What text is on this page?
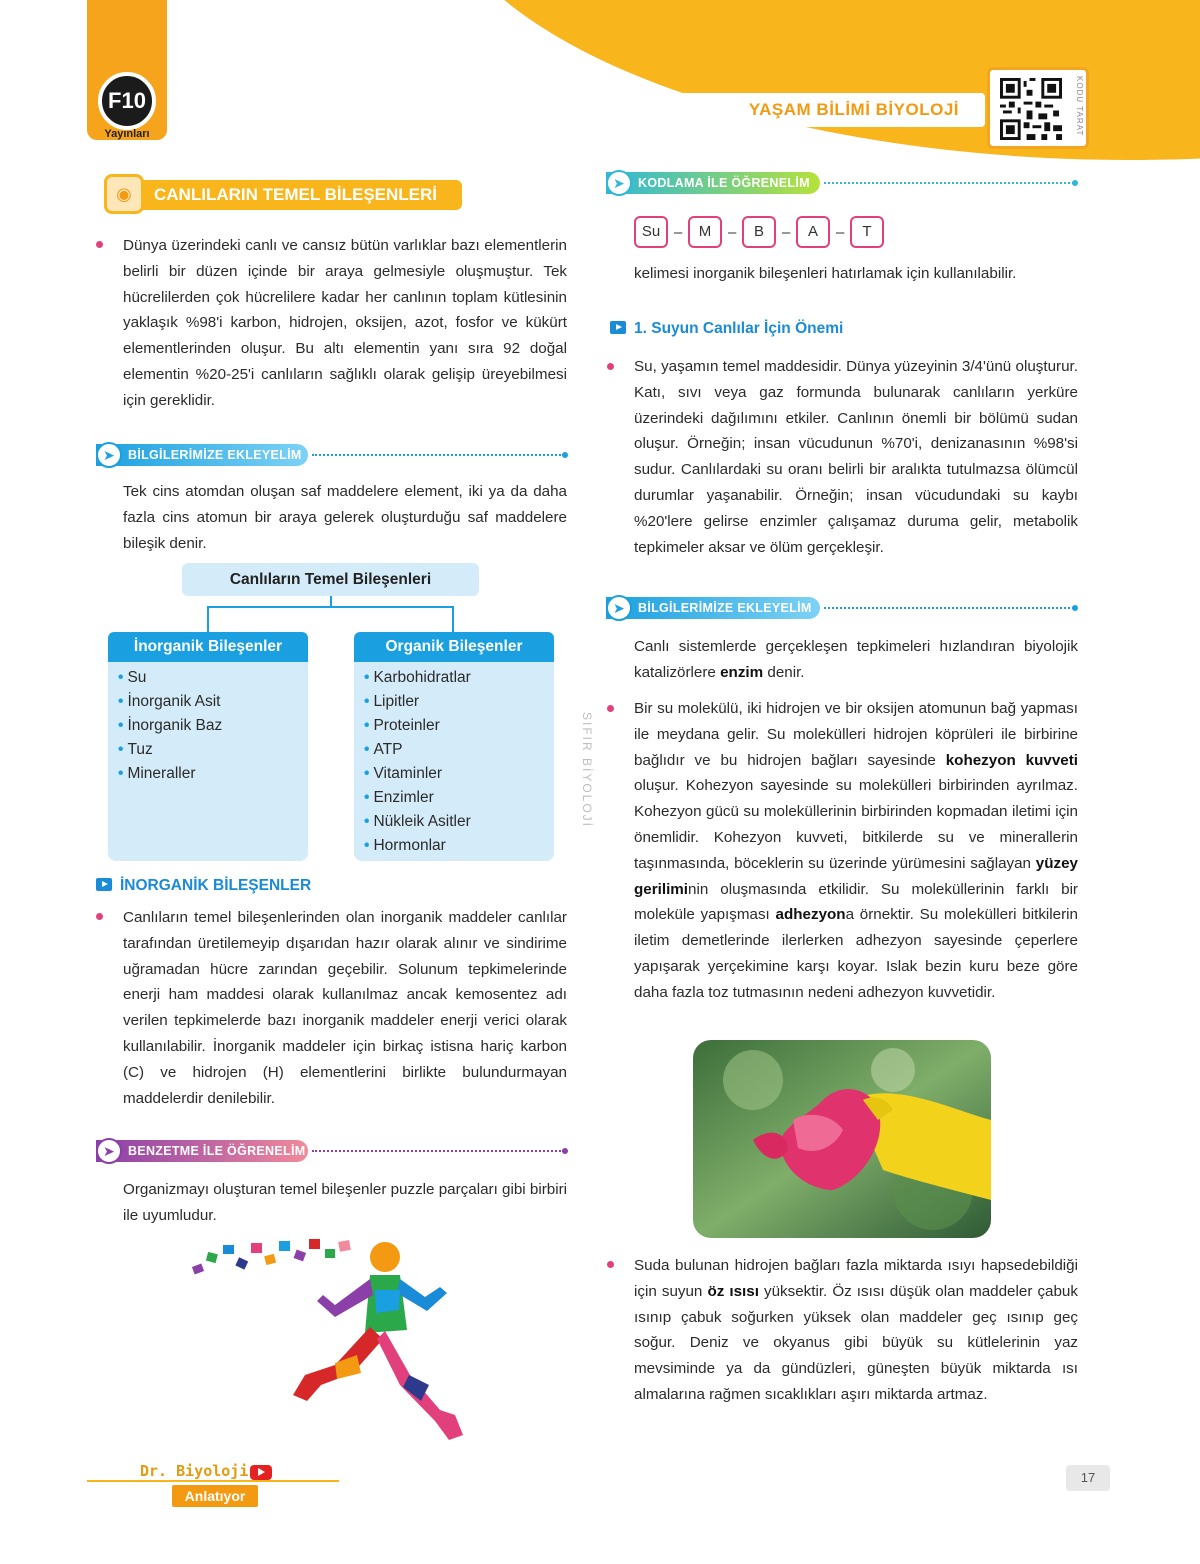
F10
Yayınları
YAŞAM BİLİMİ BİYOLOJİ	KODU TARAT
◉	CANLILARIN TEMEL BİLEŞENLERİ
Dünya üzerindeki canlı ve cansız bütün varlıklar bazı elementlerin belirli bir düzen içinde bir araya gelmesiyle oluşmuştur. Tek hücrelilerden çok hücrelilere kadar her canlının toplam kütlesinin yaklaşık %98'i karbon, hidrojen, oksijen, azot, fosfor ve kükürt elementlerinden oluşur. Bu altı elementin yanı sıra 92 doğal elementin %20-25'i canlıların sağlıklı olarak gelişip üreyebilmesi için gereklidir.
➤	BİLGİLERİMİZE EKLEYELİM
Tek cins atomdan oluşan saf maddelere element, iki ya da daha fazla cins atomun bir araya gelerek oluşturduğu saf maddelere bileşik denir.
Canlıların Temel Bileşenleri
İnorganik Bileşenler
• Su
• İnorganik Asit
• İnorganik Baz
• Tuz
• Mineraller
Organik Bileşenler
• Karbohidratlar
• Lipitler
• Proteinler
• ATP
• Vitaminler
• Enzimler
• Nükleik Asitler
• Hormonlar
İNORGANİK BİLEŞENLER
Canlıların temel bileşenlerinden olan inorganik maddeler canlılar tarafından üretilemeyip dışarıdan hazır olarak alınır ve sindirime uğramadan hücre zarından geçebilir. Solunum tepkimelerinde enerji ham maddesi olarak kullanılmaz ancak kemosentez adı verilen tepkimelerde bazı inorganik maddeler enerji verici olarak kullanılabilir. İnorganik maddeler için birkaç istisna hariç karbon (C) ve hidrojen (H) elementlerini birlikte bulundurmayan maddelerdir denilebilir.
➤	BENZETME İLE ÖĞRENELİM
Organizmayı oluşturan temel bileşenler puzzle parçaları gibi birbiri ile uyumludur.
SIFIR BİYOLOJİ
➤	KODLAMA İLE ÖĞRENELİM
Su –	M	–	B	–	A	–	T
kelimesi inorganik bileşenleri hatırlamak için kullanılabilir.
1. Suyun Canlılar İçin Önemi
Su, yaşamın temel maddesidir. Dünya yüzeyinin 3/4'ünü oluşturur. Katı, sıvı veya gaz formunda bulunarak canlıların yerküre üzerindeki dağılımını etkiler. Canlının önemli bir bölümü sudan oluşur. Örneğin; insan vücudunun %70'i, denizanasının %98'si sudur. Canlılardaki su oranı belirli bir aralıkta tutulmazsa ölümcül durumlar yaşanabilir. Örneğin; insan vücudundaki su kaybı %20'lere gelirse enzimler çalışamaz duruma gelir, metabolik tepkimeler aksar ve ölüm gerçekleşir.
➤	BİLGİLERİMİZE EKLEYELİM
Canlı sistemlerde gerçekleşen tepkimeleri hızlandıran biyolojik katalizörlere enzim denir.
Bir su molekülü, iki hidrojen ve bir oksijen atomunun bağ yapması ile meydana gelir. Su molekülleri hidrojen köprüleri ile birbirine bağlıdır ve bu hidrojen bağları sayesinde kohezyon kuvveti oluşur. Kohezyon sayesinde su molekülleri birbirinden ayrılmaz. Kohezyon gücü su moleküllerinin birbirinden kopmadan iletimi için önemlidir. Kohezyon kuvveti, bitkilerde su ve minerallerin taşınmasında, böceklerin su üzerinde yürümesini sağlayan yüzey geriliminin oluşmasında etkilidir. Su moleküllerinin farklı bir moleküle yapışması adhezyona örnektir. Su molekülleri bitkilerin iletim demetlerinde ilerlerken adhezyon sayesinde çeperlere yapışarak yerçekimine karşı koyar. Islak bezin kuru beze göre daha fazla toz tutmasının nedeni adhezyon kuvvetidir.
Suda bulunan hidrojen bağları fazla miktarda ısıyı hapsedebildiği için suyun öz ısısı yüksektir. Öz ısısı düşük olan maddeler çabuk ısınıp çabuk soğurken yüksek olan maddeler geç ısınıp geç soğur. Deniz ve okyanus gibi büyük su kütlelerinin yaz mevsiminde ya da gündüzleri, güneşten büyük miktarda ısı almalarına rağmen sıcaklıkları aşırı miktarda artmaz.
Dr. Biyoloji
Anlatıyor
17
